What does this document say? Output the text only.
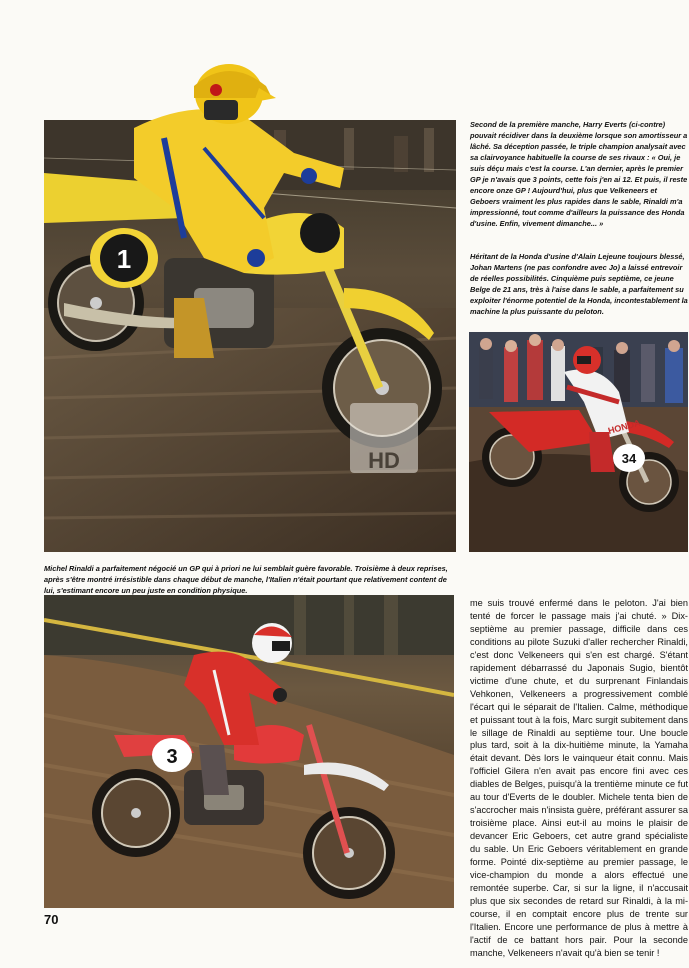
1
HD

Second de la première manche, Harry Everts (ci-contre) pouvait récidiver dans la deuxième lorsque son amortisseur a lâché. Sa déception passée, le triple champion analysait avec sa clairvoyance habituelle la course de ses rivaux : « Oui, je suis déçu mais c'est la course. L'an dernier, après le premier GP je n'avais que 3 points, cette fois j'en ai 12. Et puis, il reste encore onze GP ! Aujourd'hui, plus que Velkeneers et Geboers vraiment les plus rapides dans le sable, Rinaldi m'a impressionné, tout comme d'ailleurs la puissance des Honda d'usine. Enfin, vivement dimanche... »

Héritant de la Honda d'usine d'Alain Lejeune toujours blessé, Johan Martens (ne pas confondre avec Jo) a laissé entrevoir de réelles possibilités. Cinquième puis septième, ce jeune Belge de 21 ans, très à l'aise dans le sable, a parfaitement su exploiter l'énorme potentiel de la Honda, incontestablement la machine la plus puissante du peloton.

34
HONDA

Michel Rinaldi a parfaitement négocié un GP qui à priori ne lui semblait guère favorable. Troisième à deux reprises, après s'être montré irrésistible dans chaque début de manche, l'Italien n'était pourtant que relativement content de lui, s'estimant encore un peu juste en condition physique.

3

me suis trouvé enfermé dans le peloton. J'ai bien tenté de forcer le passage mais j'ai chuté. » Dix-septième au premier passage, difficile dans ces conditions au pilote Suzuki d'aller rechercher Rinaldi, c'est donc Velkeneers qui s'en est chargé. S'étant rapidement débarrassé du Japonais Sugio, bientôt victime d'une chute, et du surprenant Finlandais Vehkonen, Velkeneers a progressivement comblé l'écart qui le séparait de l'Italien. Calme, méthodique et puissant tout à la fois, Marc surgit subitement dans le sillage de Rinaldi au septième tour. Une boucle plus tard, soit à la dix-huitième minute, la Yamaha était devant. Dès lors le vainqueur était connu. Mais l'officiel Gilera n'en avait pas encore fini avec ces diables de Belges, puisqu'à la trentième minute ce fut au tour d'Everts de le doubler. Michele tenta bien de s'accrocher mais n'insista guère, préférant assurer sa troisième place. Ainsi eut-il au moins le plaisir de devancer Eric Geboers, cet autre grand spécialiste du sable. Un Eric Geboers véritablement en grande forme. Pointé dix-septième au premier passage, le vice-champion du monde a alors effectué une remontée superbe. Car, si sur la ligne, il n'accusait plus que six secondes de retard sur Rinaldi, à la mi-course, il en comptait encore plus de trente sur l'Italien. Encore une performance de plus à mettre à l'actif de ce battant hors pair. Pour la seconde manche, Velkeneers n'avait qu'à bien se tenir !

70
